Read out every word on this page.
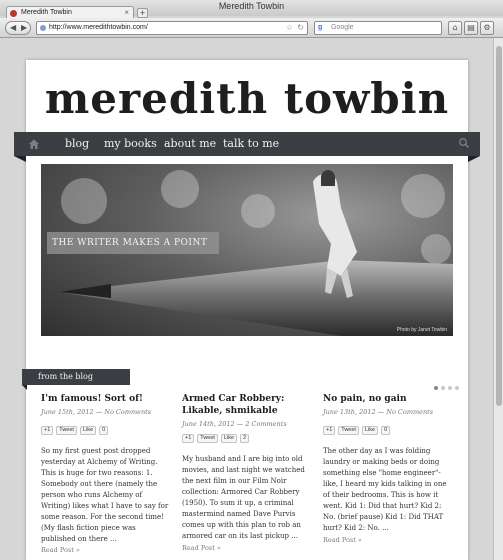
Meredith Towbin
Meredith Towbin	×	+
◀ ▶	http://www.meredithtowbin.com/	☆ ↻ g Google	⌂	▤	⚙
meredith towbin
blog my books about me talk to me
THE WRITER MAKES A POINT
Photo by Janet Towbin
from the blog
I'm famous! Sort of!
June 15th, 2012 — No Comments
+1 Tweet Like 0
So my first guest post dropped yesterday at Alchemy of Writing. This is huge for two reasons: 1. Somebody out there (namely the person who runs Alchemy of Writing) likes what I have to say for some reason. For the second time! (My flash fiction piece was published on there …
Read Post »
Armed Car Robbery: Likable, shmikable
June 14th, 2012 — 2 Comments
+1 Tweet Like 2
My husband and I are big into old movies, and last night we watched the next film in our Film Noir collection: Armored Car Robbery (1950). To sum it up, a criminal mastermind named Dave Purvis comes up with this plan to rob an armored car on its last pickup …
Read Post »
No pain, no gain
June 13th, 2012 — No Comments
+1 Tweet Like 0
The other day as I was folding laundry or making beds or doing something else "home engineer"-like, I heard my kids talking in one of their bedrooms. This is how it went. Kid 1: Did that hurt? Kid 2: No. (brief pause) Kid 1: Did THAT hurt? Kid 2: No. …
Read Post »
